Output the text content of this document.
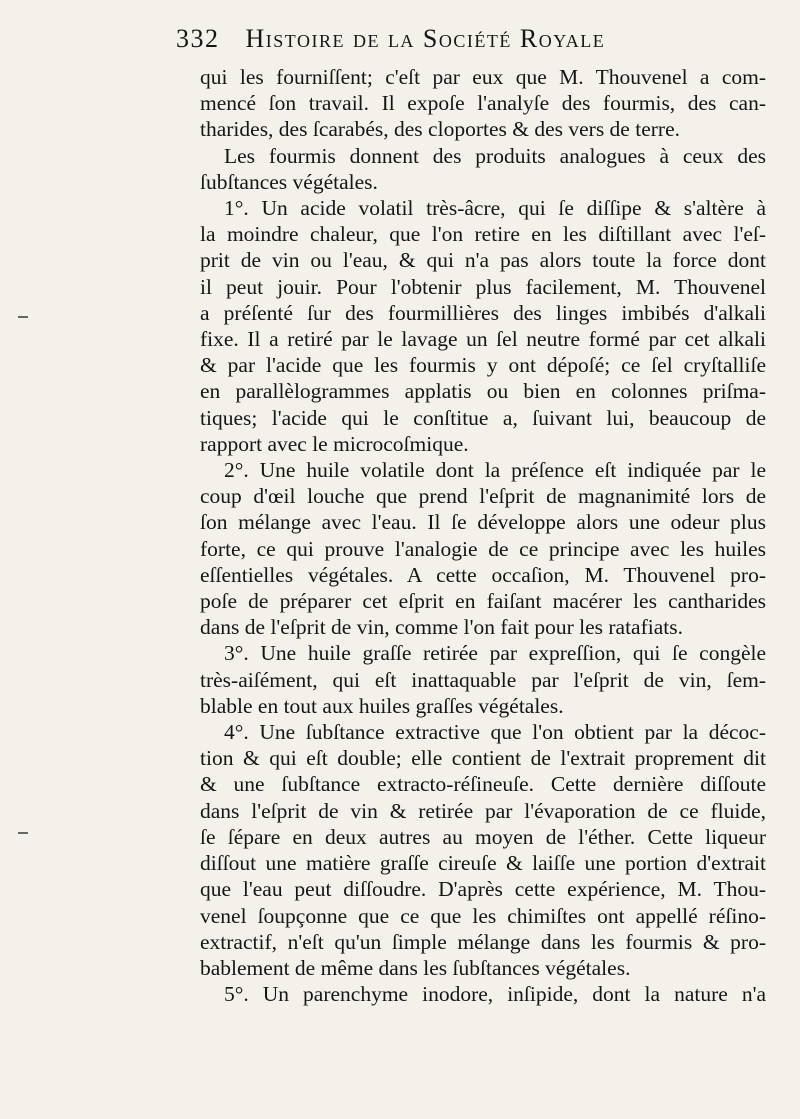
332 Histoire de la Société Royale
qui les fourniſſent; c'eſt par eux que M. Thouvenel a com-
mencé ſon travail. Il expoſe l'analyſe des fourmis, des can-
tharides, des ſcarabés, des cloportes & des vers de terre.
Les fourmis donnent des produits analogues à ceux des
ſubſtances végétales.
1°. Un acide volatil très-âcre, qui ſe diſſipe & s'altère à
la moindre chaleur, que l'on retire en les diſtillant avec l'eſ-
prit de vin ou l'eau, & qui n'a pas alors toute la force dont
il peut jouir. Pour l'obtenir plus facilement, M. Thouvenel
a préſenté ſur des fourmillières des linges imbibés d'alkali
fixe. Il a retiré par le lavage un ſel neutre formé par cet alkali
& par l'acide que les fourmis y ont dépoſé; ce ſel cryſtalliſe
en parallèlogrammes applatis ou bien en colonnes priſma-
tiques; l'acide qui le conſtitue a, ſuivant lui, beaucoup de
rapport avec le microcoſmique.
2°. Une huile volatile dont la préſence eſt indiquée par le
coup d'œil louche que prend l'eſprit de magnanimité lors de
ſon mélange avec l'eau. Il ſe développe alors une odeur plus
forte, ce qui prouve l'analogie de ce principe avec les huiles
eſſentielles végétales. A cette occaſion, M. Thouvenel pro-
poſe de préparer cet eſprit en faiſant macérer les cantharides
dans de l'eſprit de vin, comme l'on fait pour les ratafiats.
3°. Une huile graſſe retirée par expreſſion, qui ſe congèle
très-aiſément, qui eſt inattaquable par l'eſprit de vin, ſem-
blable en tout aux huiles graſſes végétales.
4°. Une ſubſtance extractive que l'on obtient par la décoc-
tion & qui eſt double; elle contient de l'extrait proprement dit
& une ſubſtance extracto-réſineuſe. Cette dernière diſſoute
dans l'eſprit de vin & retirée par l'évaporation de ce fluide,
ſe ſépare en deux autres au moyen de l'éther. Cette liqueur
diſſout une matière graſſe cireuſe & laiſſe une portion d'extrait
que l'eau peut diſſoudre. D'après cette expérience, M. Thou-
venel ſoupçonne que ce que les chimiſtes ont appellé réſino-
extractif, n'eſt qu'un ſimple mélange dans les fourmis & pro-
bablement de même dans les ſubſtances végétales.
5°. Un parenchyme inodore, inſipide, dont la nature n'a
